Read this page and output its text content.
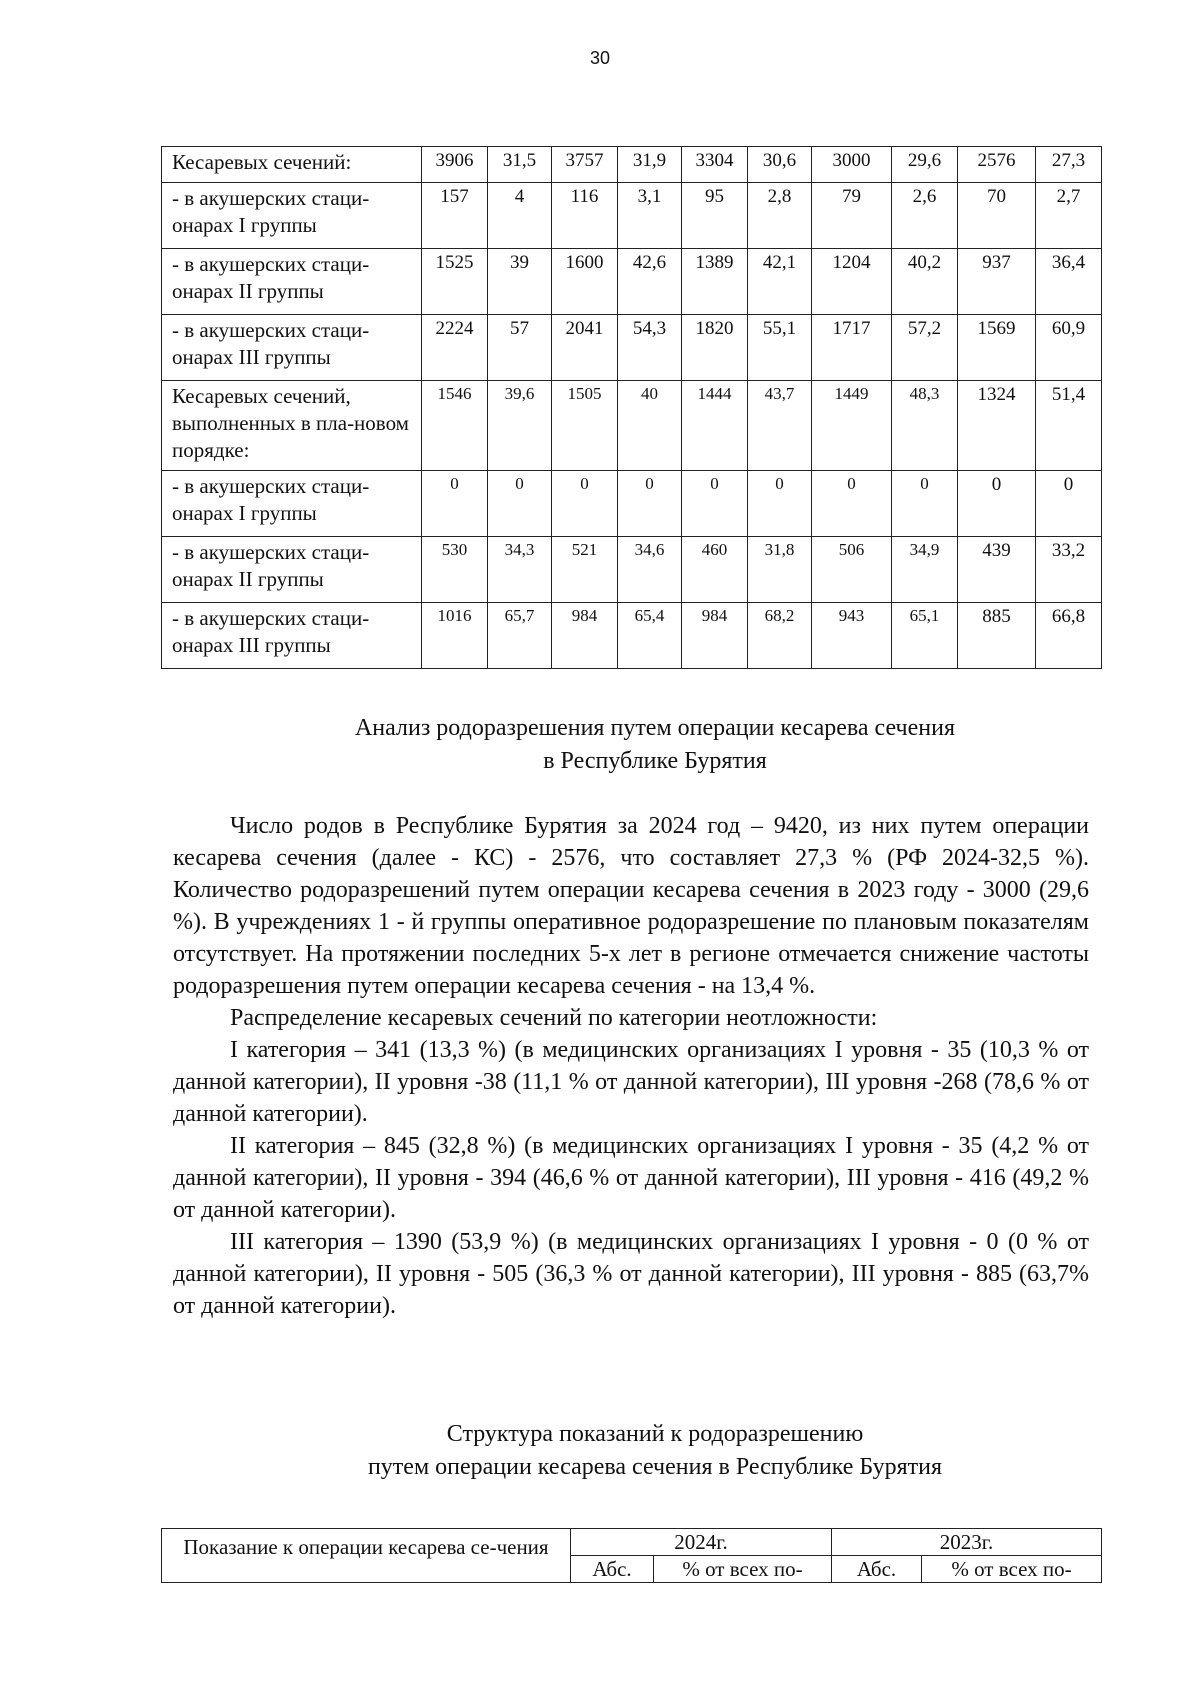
30
Кесаревых сечений:	3906	31,5	3757	31,9	3304	30,6	3000	29,6	2576	27,3
- в акушерских стаци-онарах I группы	157	4	116	3,1	95	2,8	79	2,6	70	2,7
- в акушерских стаци-онарах II группы	1525	39	1600	42,6	1389	42,1	1204	40,2	937	36,4
- в акушерских стаци-онарах III группы	2224	57	2041	54,3	1820	55,1	1717	57,2	1569	60,9
Кесаревых сечений, выполненных в пла-новом порядке:	1546	39,6	1505	40	1444	43,7	1449	48,3	1324	51,4
- в акушерских стаци-онарах I группы	0	0	0	0	0	0	0	0	0	0
- в акушерских стаци-онарах II группы	530	34,3	521	34,6	460	31,8	506	34,9	439	33,2
- в акушерских стаци-онарах III группы	1016	65,7	984	65,4	984	68,2	943	65,1	885	66,8
Анализ родоразрешения путем операции кесарева сечения
в Республике Бурятия

Число родов в Республике Бурятия за 2024 год – 9420, из них путем операции кесарева сечения (далее - КС) - 2576, что составляет 27,3 % (РФ 2024-32,5 %). Количество родоразрешений путем операции кесарева сечения в 2023 году - 3000 (29,6 %). В учреждениях 1 - й группы оперативное родоразрешение по плановым показателям отсутствует. На протяжении последних 5-х лет в регионе отмечается снижение частоты родоразрешения путем операции кесарева сечения - на 13,4 %.

Распределение кесаревых сечений по категории неотложности:

I категория – 341 (13,3 %) (в медицинских организациях I уровня - 35 (10,3 % от данной категории), II уровня -38 (11,1 % от данной категории), III уровня -268 (78,6 % от данной категории).

II категория – 845 (32,8 %) (в медицинских организациях I уровня - 35 (4,2 % от данной категории), II уровня - 394 (46,6 % от данной категории), III уровня - 416 (49,2 % от данной категории).

III категория – 1390 (53,9 %) (в медицинских организациях I уровня - 0 (0 % от данной категории), II уровня - 505 (36,3 % от данной категории), III уровня - 885 (63,7% от данной категории).

Структура показаний к родоразрешению
путем операции кесарева сечения в Республике Бурятия
Показание к операции кесарева се-чения	2024г.		2023г.	
	Абс.	% от всех по-	Абс.	% от всех по-
